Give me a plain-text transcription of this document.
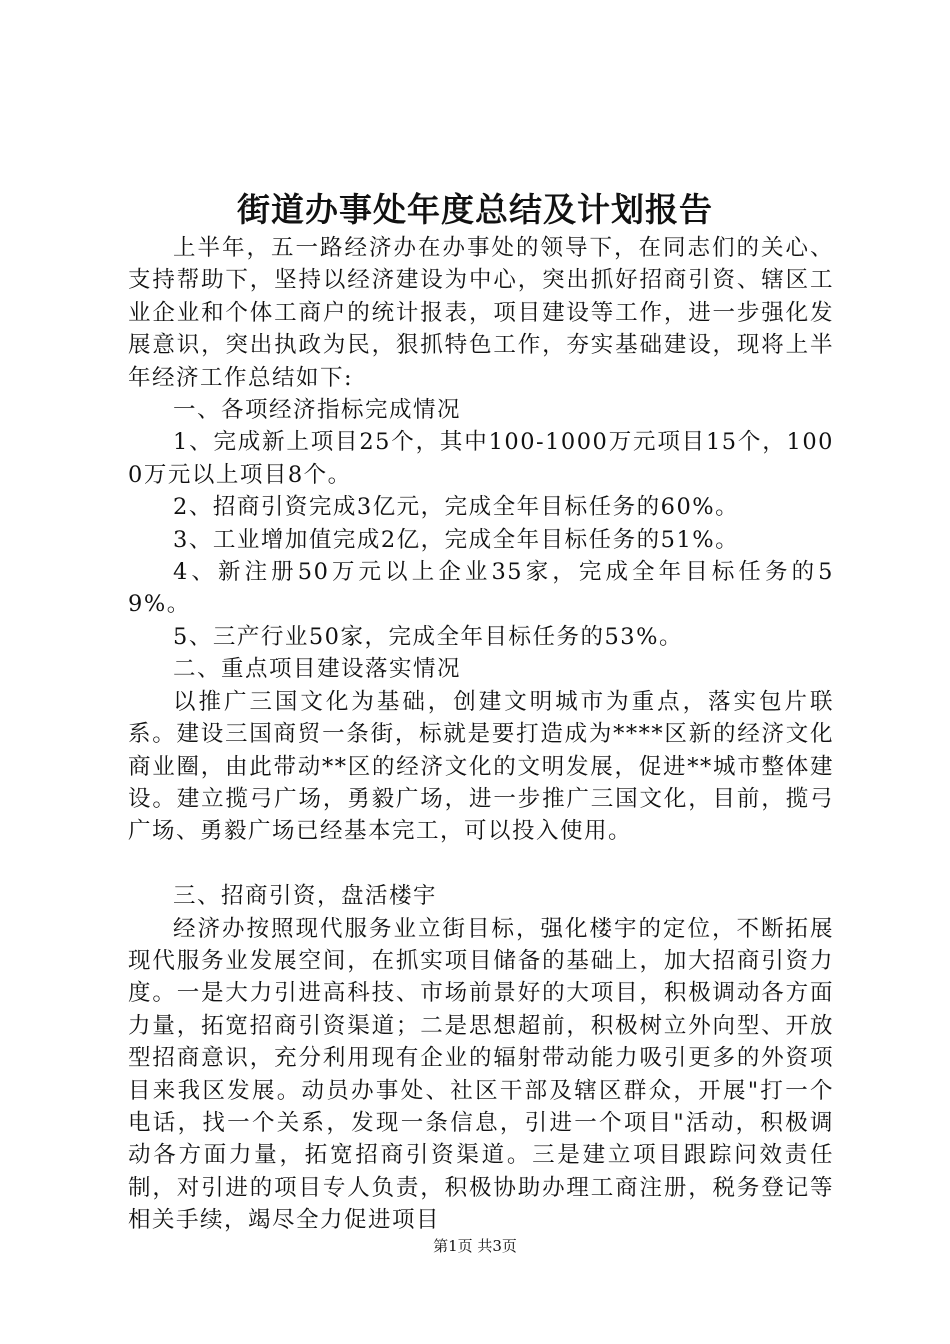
街道办事处年度总结及计划报告

上半年，五一路经济办在办事处的领导下，在同志们的关心、支持帮助下，坚持以经济建设为中心，突出抓好招商引资、辖区工业企业和个体工商户的统计报表，项目建设等工作，进一步强化发展意识，突出执政为民，狠抓特色工作，夯实基础建设，现将上半年经济工作总结如下:

一、各项经济指标完成情况

1、完成新上项目25个，其中100-1000万元项目15个，1000万元以上项目8个。

2、招商引资完成3亿元，完成全年目标任务的60%。

3、工业增加值完成2亿，完成全年目标任务的51%。

4、新注册50万元以上企业35家，完成全年目标任务的59%。

5、三产行业50家，完成全年目标任务的53%。

二、重点项目建设落实情况

以推广三国文化为基础，创建文明城市为重点，落实包片联系。建设三国商贸一条街，标就是要打造成为****区新的经济文化商业圈，由此带动**区的经济文化的文明发展，促进**城市整体建设。建立揽弓广场，勇毅广场，进一步推广三国文化，目前，揽弓广场、勇毅广场已经基本完工，可以投入使用。

三、招商引资，盘活楼宇

经济办按照现代服务业立街目标，强化楼宇的定位，不断拓展现代服务业发展空间，在抓实项目储备的基础上，加大招商引资力度。一是大力引进高科技、市场前景好的大项目，积极调动各方面力量，拓宽招商引资渠道；二是思想超前，积极树立外向型、开放型招商意识，充分利用现有企业的辐射带动能力吸引更多的外资项目来我区发展。动员办事处、社区干部及辖区群众，开展"打一个电话，找一个关系，发现一条信息，引进一个项目"活动，积极调动各方面力量，拓宽招商引资渠道。三是建立项目跟踪问效责任制，对引进的项目专人负责，积极协助办理工商注册，税务登记等相关手续，竭尽全力促进项目

第1页 共3页
